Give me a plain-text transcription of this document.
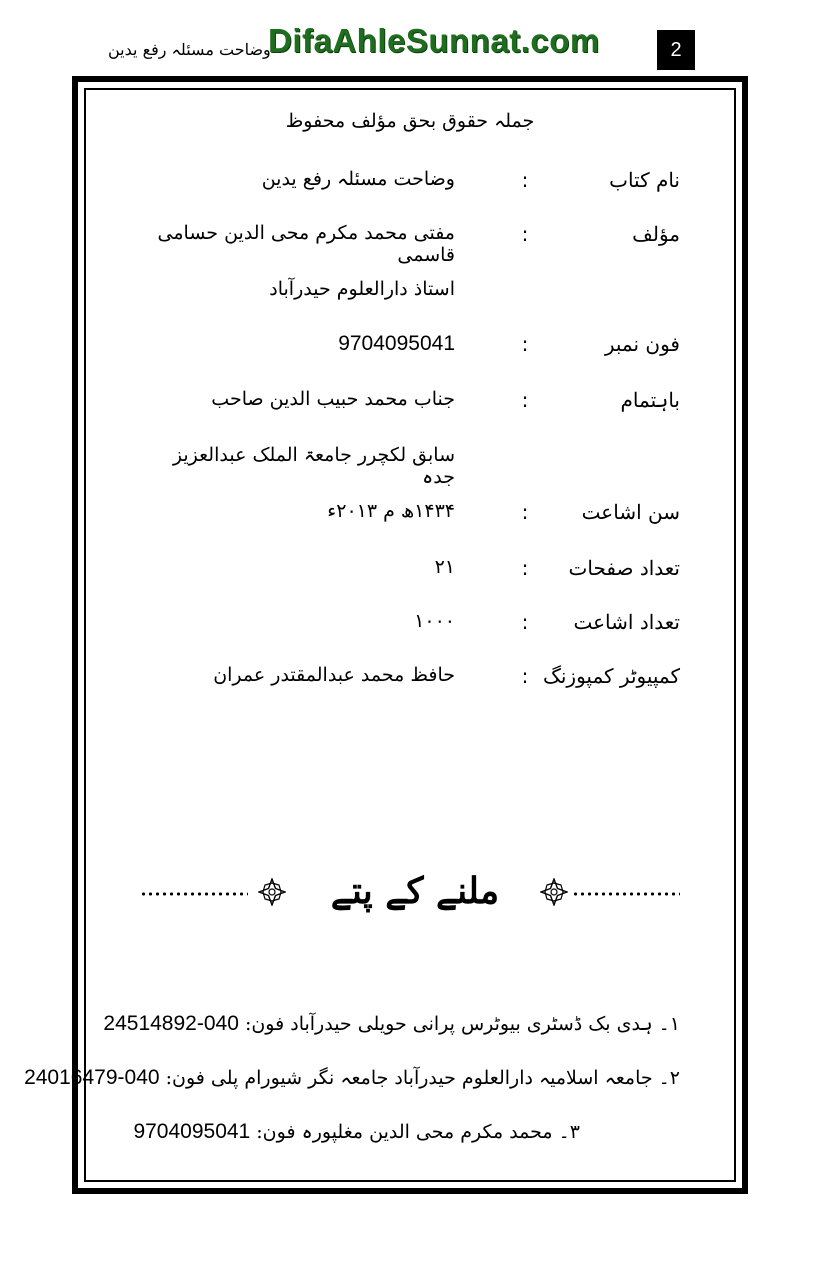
وضاحت مسئلہ رفع یدین
DifaAhleSunnat.com	2
جملہ حقوق بحق مؤلف محفوظ
نام کتاب
:
وضاحت مسئلہ رفع یدین
مؤلف
:
مفتی محمد مکرم محی الدین حسامی قاسمی
استاذ دارالعلوم حیدرآباد
فون نمبر
:
9704095041
باہتمام
:
جناب محمد حبیب الدین صاحب
سابق لکچرر جامعۃ الملک عبدالعزیز جدہ
سن اشاعت
:
۱۴۳۴ھ م ۲۰۱۳ء
تعداد صفحات
:
۲۱
تعداد اشاعت
:
۱۰۰۰
کمپیوٹر کمپوزنگ
:
حافظ محمد عبدالمقتدر عمران
ملنے کے پتے
۱۔ ہدی بک ڈسٹری بیوٹرس پرانی حویلی حیدرآباد فون: 040-24514892
۲۔ جامعہ اسلامیہ دارالعلوم حیدرآباد جامعہ نگر شیورام پلی فون: 040-24016479
۳۔ محمد مکرم محی الدین مغلپورہ فون: 9704095041
